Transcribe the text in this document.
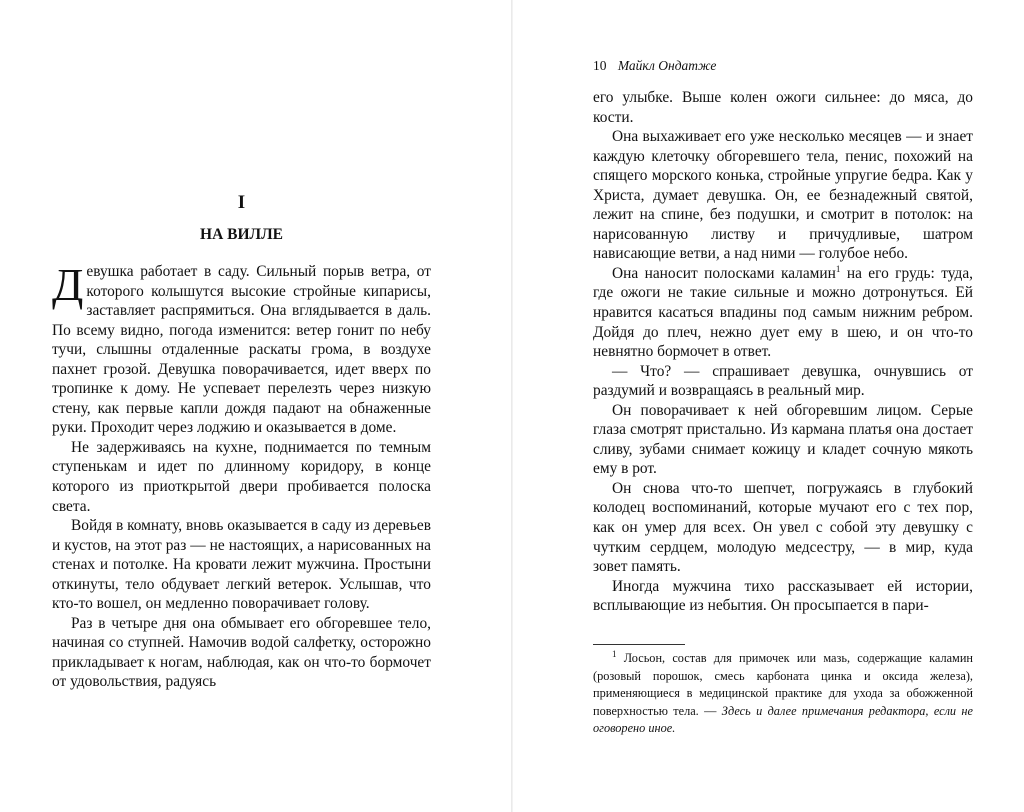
I
НА ВИЛЛЕ

Девушка работает в саду. Сильный порыв ветра, от которого колышутся высокие стройные кипарисы, заставляет распрямиться. Она вглядывается в даль. По всему видно, погода изменится: ветер гонит по небу тучи, слышны отдаленные раскаты грома, в воздухе пахнет грозой. Девушка поворачивается, идет вверх по тропинке к дому. Не успевает перелезть через низкую стену, как первые капли дождя падают на обнаженные руки. Проходит через лоджию и оказывается в доме.

Не задерживаясь на кухне, поднимается по темным ступенькам и идет по длинному коридору, в конце которого из приоткрытой двери пробивается полоска света.

Войдя в комнату, вновь оказывается в саду из деревьев и кустов, на этот раз — не настоящих, а нарисованных на стенах и потолке. На кровати лежит мужчина. Простыни откинуты, тело обдувает легкий ветерок. Услышав, что кто-то вошел, он медленно поворачивает голову.

Раз в четыре дня она обмывает его обгоревшее тело, начиная со ступней. Намочив водой салфетку, осторожно прикладывает к ногам, наблюдая, как он что-то бормочет от удовольствия, радуясь

10 Майкл Ондатже

его улыбке. Выше колен ожоги сильнее: до мяса, до кости.

Она выхаживает его уже несколько месяцев — и знает каждую клеточку обгоревшего тела, пенис, похожий на спящего морского конька, стройные упругие бедра. Как у Христа, думает девушка. Он, ее безнадежный святой, лежит на спине, без подушки, и смотрит в потолок: на нарисованную листву и причудливые, шатром нависающие ветви, а над ними — голубое небо.

Она наносит полосками каламин$^1$ на его грудь: туда, где ожоги не такие сильные и можно дотронуться. Ей нравится касаться впадины под самым нижним ребром. Дойдя до плеч, нежно дует ему в шею, и он что-то невнятно бормочет в ответ.

— Что? — спрашивает девушка, очнувшись от раздумий и возвращаясь в реальный мир.

Он поворачивает к ней обгоревшим лицом. Серые глаза смотрят пристально. Из кармана платья она достает сливу, зубами снимает кожицу и кладет сочную мякоть ему в рот.

Он снова что-то шепчет, погружаясь в глубокий колодец воспоминаний, которые мучают его с тех пор, как он умер для всех. Он увел с собой эту девушку с чутким сердцем, молодую медсестру, — в мир, куда зовет память.

Иногда мужчина тихо рассказывает ей истории, всплывающие из небытия. Он просыпается в пари-

$^1$ Лосьон, состав для примочек или мазь, содержащие каламин (розовый порошок, смесь карбоната цинка и оксида железа), применяющиеся в медицинской практике для ухода за обожженной поверхностью тела. — Здесь и далее примечания редактора, если не оговорено иное.
